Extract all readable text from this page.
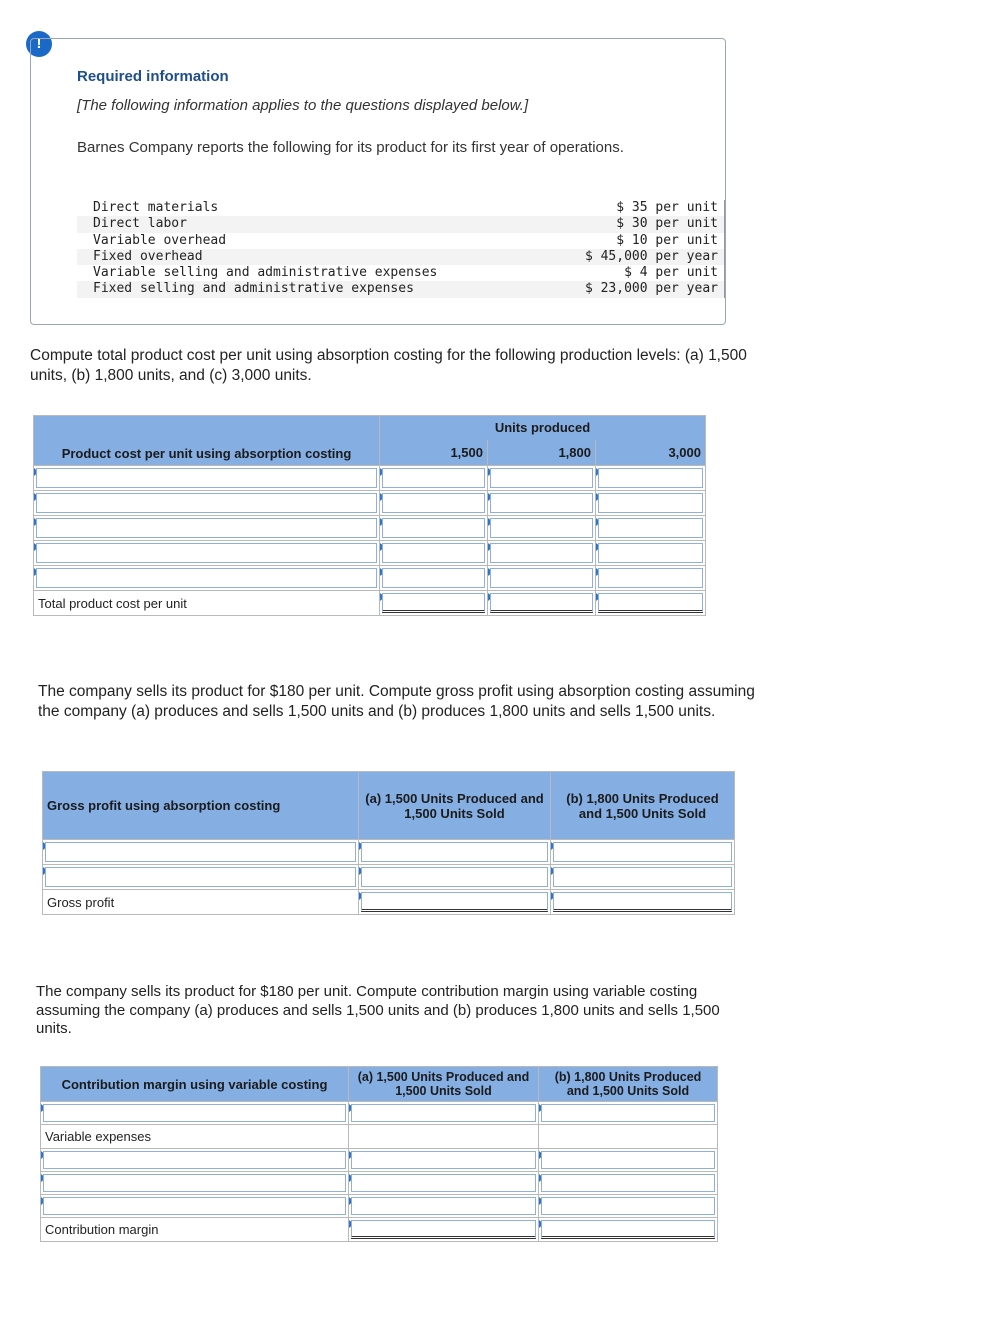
!
Required information
[The following information applies to the questions displayed below.]
Barnes Company reports the following for its product for its first year of operations.
Direct materials	$ 35 per unit
Direct labor	$ 30 per unit
Variable overhead	$ 10 per unit
Fixed overhead	$ 45,000 per year
Variable selling and administrative expenses	$ 4 per unit
Fixed selling and administrative expenses	$ 23,000 per year
Compute total product cost per unit using absorption costing for the following production levels: (a) 1,500 units, (b) 1,800 units, and (c) 3,000 units.
Product cost per unit using absorption costing	Units produced		
	1,500	1,800	3,000

Total product cost per unit	

The company sells its product for $180 per unit. Compute gross profit using absorption costing assuming the company (a) produces and sells 1,500 units and (b) produces 1,800 units and sells 1,500 units.
Gross profit using absorption costing	(a) 1,500 Units Produced and 1,500 Units Sold	(b) 1,800 Units Produced and 1,500 Units Sold

Gross profit	

The company sells its product for $180 per unit. Compute contribution margin using variable costing assuming the company (a) produces and sells 1,500 units and (b) produces 1,800 units and sells 1,500 units.
Contribution margin using variable costing	(a) 1,500 Units Produced and 1,500 Units Sold	(b) 1,800 Units Produced and 1,500 Units Sold

Variable expenses		

Contribution margin	
